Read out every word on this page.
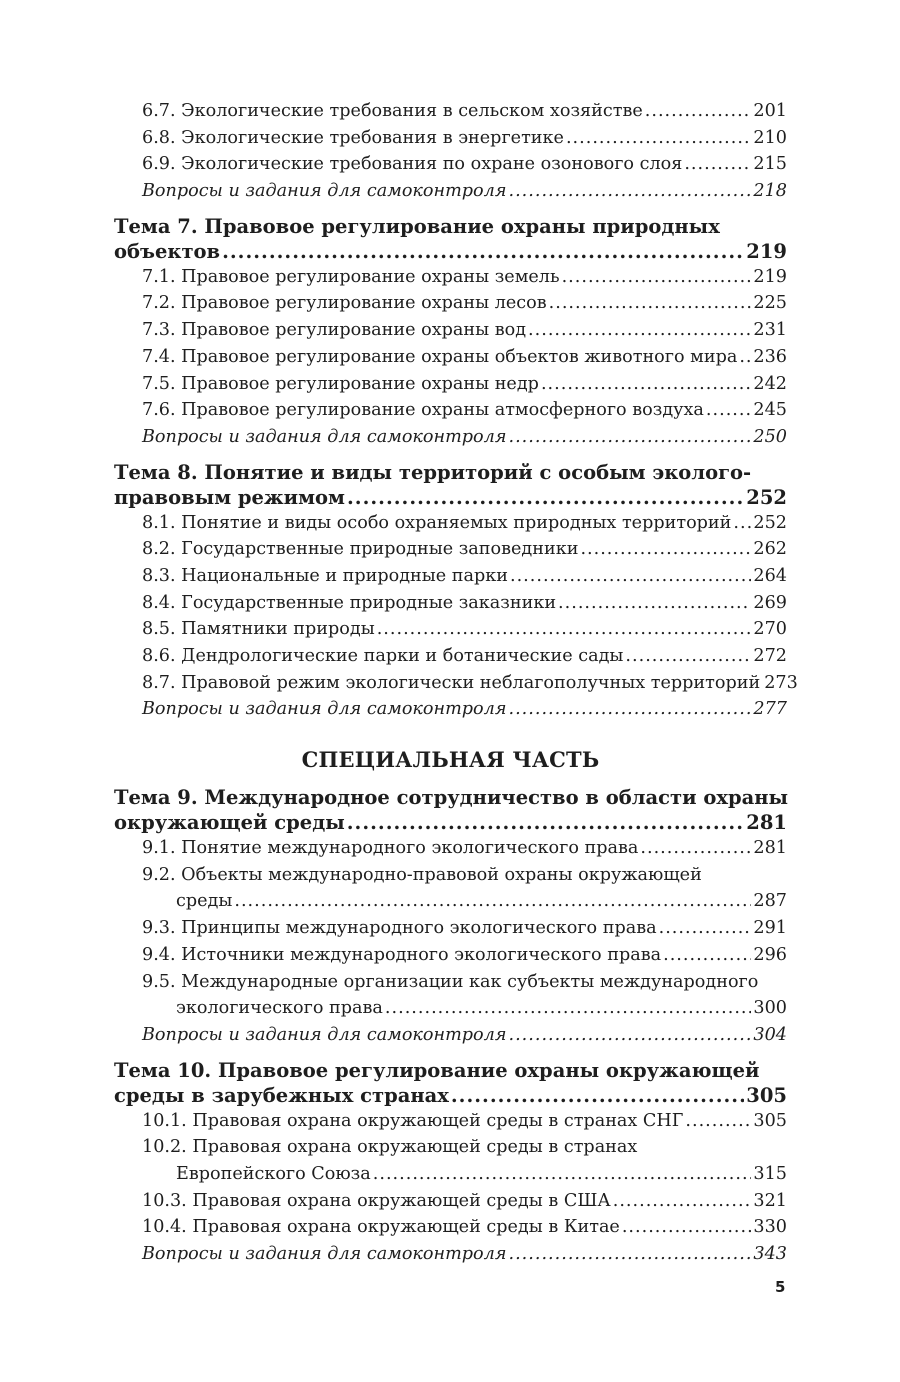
6.7. Экологические требования в сельском хозяйстве .....	201
6.8. Экологические требования в энергетике .....	210
6.9. Экологические требования по охране озонового слоя .....	215
Вопросы и задания для самоконтроля .....	218
Тема 7. Правовое регулирование охраны природных
объектов .....	219
7.1. Правовое регулирование охраны земель .....	219
7.2. Правовое регулирование охраны лесов .....	225
7.3. Правовое регулирование охраны вод .....	231
7.4. Правовое регулирование охраны объектов животного мира ..... 236
7.5. Правовое регулирование охраны недр .....	242
7.6. Правовое регулирование охраны атмосферного воздуха .....	245
Вопросы и задания для самоконтроля .....	250
Тема 8. Понятие и виды территорий с особым эколого-
правовым режимом .....	252
8.1. Понятие и виды особо охраняемых природных территорий ..... 252
8.2. Государственные природные заповедники .....	262
8.3. Национальные и природные парки .....	264
8.4. Государственные природные заказники .....	269
8.5. Памятники природы .....	270
8.6. Дендрологические парки и ботанические сады .....	272
8.7. Правовой режим экологически неблагополучных территорий 273
Вопросы и задания для самоконтроля .....	277
СПЕЦИАЛЬНАЯ ЧАСТЬ
Тема 9. Международное сотрудничество в области охраны
окружающей среды .....	281
9.1. Понятие международного экологического права .....	281
9.2. Объекты международно-правовой охраны окружающей
среды .....	287
9.3. Принципы международного экологического права .....	291
9.4. Источники международного экологического права .....	296
9.5. Международные организации как субъекты международного
экологического права .....	300
Вопросы и задания для самоконтроля .....	304
Тема 10. Правовое регулирование охраны окружающей
среды в зарубежных странах .....	305
10.1. Правовая охрана окружающей среды в странах СНГ .....	305
10.2. Правовая охрана окружающей среды в странах
Европейского Союза .....	315
10.3. Правовая охрана окружающей среды в США .....	321
10.4. Правовая охрана окружающей среды в Китае .....	330
Вопросы и задания для самоконтроля .....	343
5
